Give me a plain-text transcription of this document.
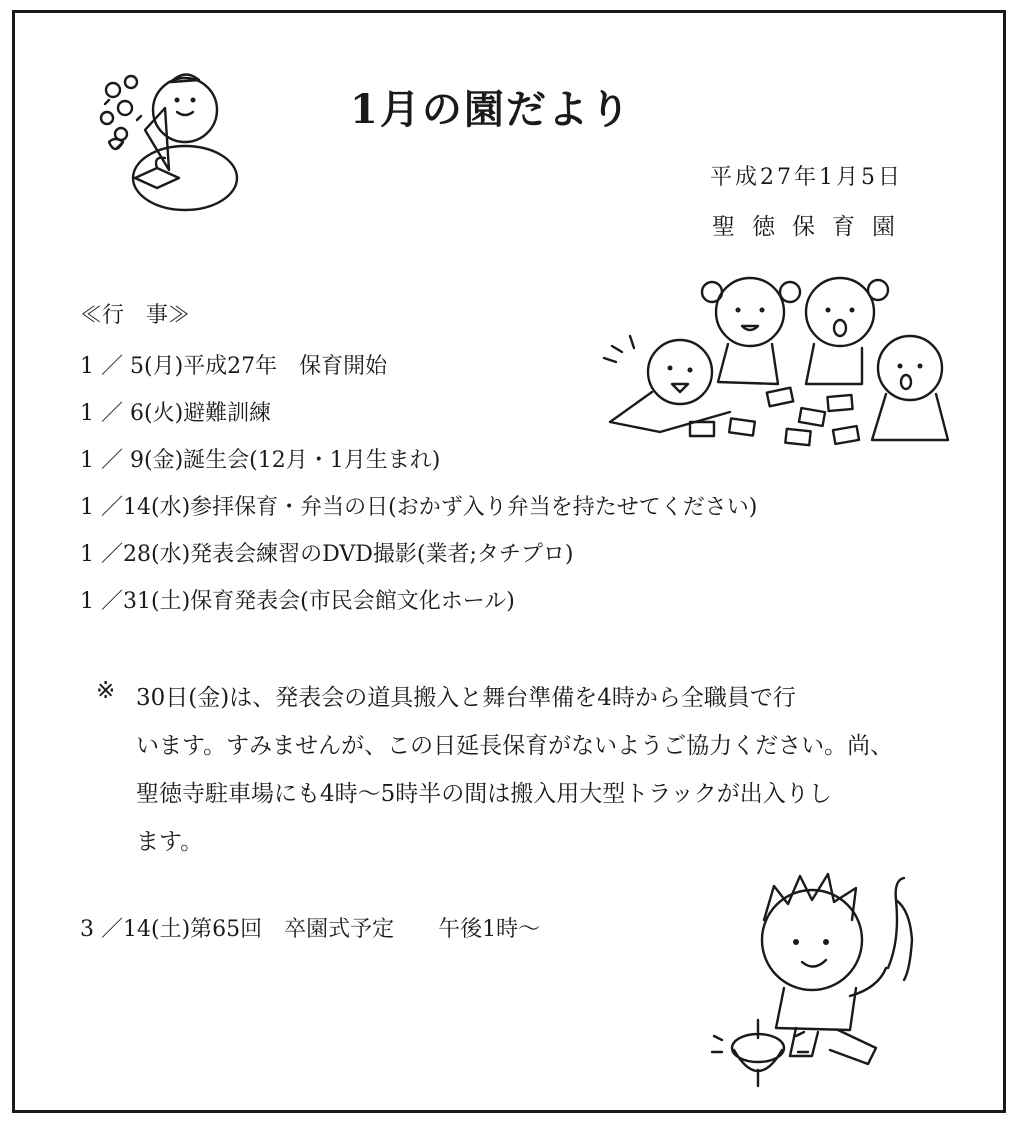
1月の園だより
平成27年1月5日
聖徳保育園
≪行　事≫
1 ／ 5(月)平成27年　保育開始
1 ／ 6(火)避難訓練
1 ／ 9(金)誕生会(12月・1月生まれ)
1 ／14(水)参拝保育・弁当の日(おかず入り弁当を持たせてください)
1 ／28(水)発表会練習のDVD撮影(業者;タチプロ)
1 ／31(土)保育発表会(市民会館文化ホール)
※ 30日(金)は、発表会の道具搬入と舞台準備を4時から全職員で行
います。すみませんが、この日延長保育がないようご協力ください。尚、
聖徳寺駐車場にも4時～5時半の間は搬入用大型トラックが出入りし
ます。

3 ／14(土)第65回　卒園式予定　　午後1時～
